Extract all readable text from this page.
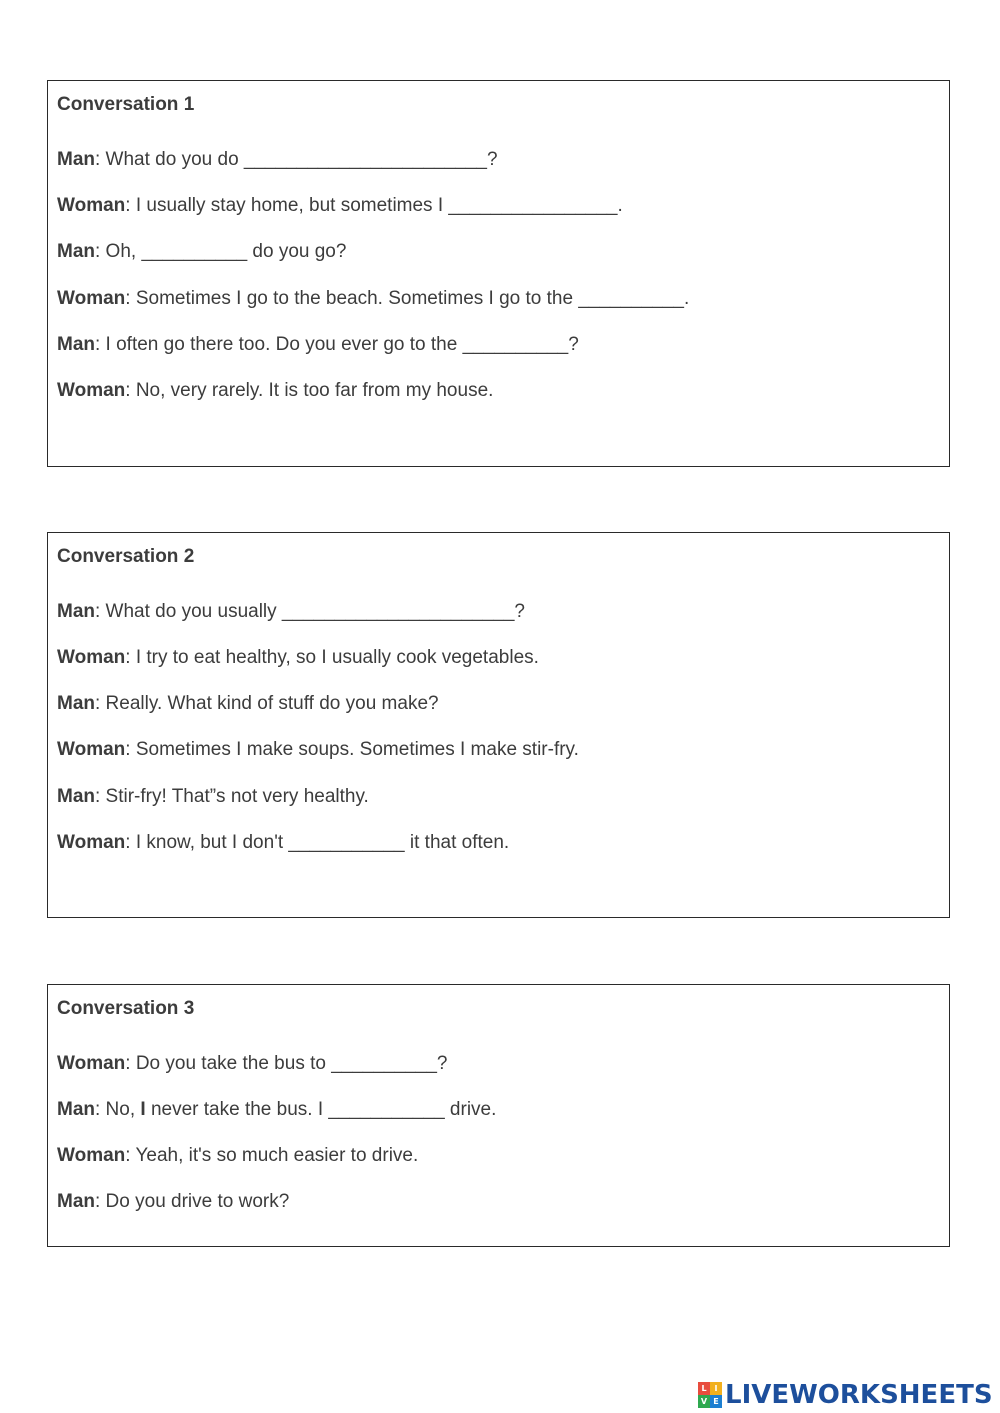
Conversation 1
Man: What do you do _______________________?
Woman: I usually stay home, but sometimes I ________________.
Man: Oh, __________ do you go?
Woman: Sometimes I go to the beach. Sometimes I go to the __________.
Man: I often go there too. Do you ever go to the __________?
Woman: No, very rarely. It is too far from my house.
Conversation 2
Man: What do you usually ______________________?
Woman: I try to eat healthy, so I usually cook vegetables.
Man: Really. What kind of stuff do you make?
Woman: Sometimes I make soups. Sometimes I make stir-fry.
Man: Stir-fry! That”s not very healthy.
Woman: I know, but I don't ___________ it that often.
Conversation 3
Woman: Do you take the bus to __________?
Man: No, I never take the bus. I ___________ drive.
Woman: Yeah, it's so much easier to drive.
Man: Do you drive to work?
L I
V E LIVEWORKSHEETS
